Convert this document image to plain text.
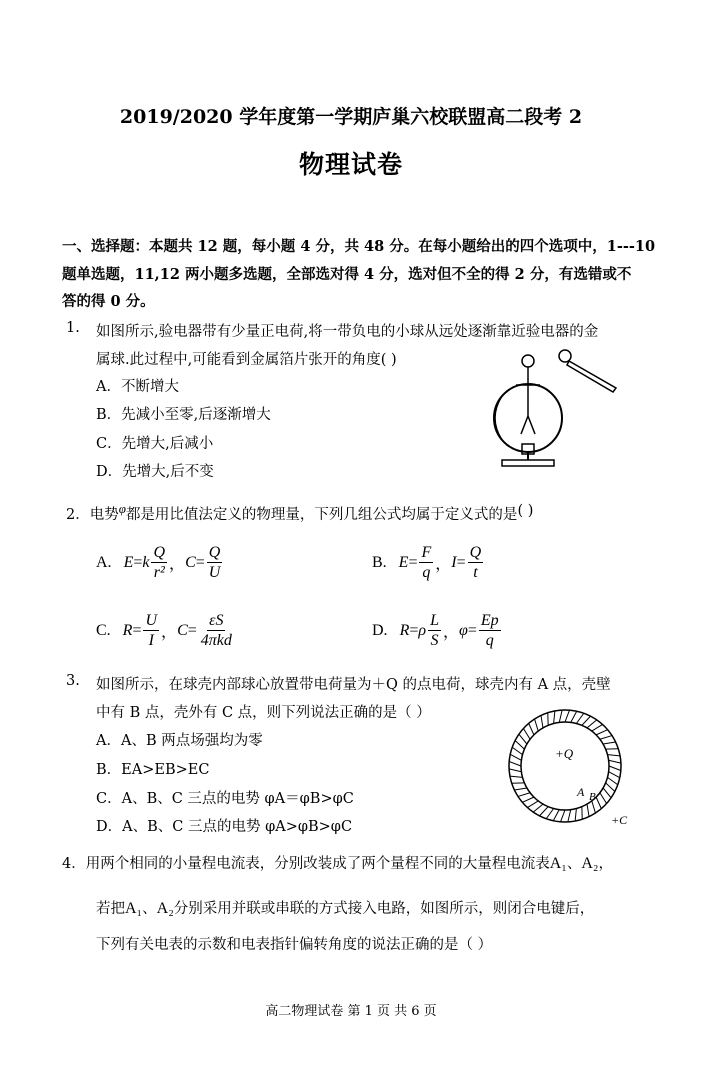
2019/2020 学年度第一学期庐巢六校联盟高二段考 2
物理试卷
一、选择题：本题共 12 题，每小题 4 分，共 48 分。在每小题给出的四个选项中，1---10
题单选题，11,12 两小题多选题，全部选对得 4 分，选对但不全的得 2 分，有选错或不
答的得 0 分。
1. 如图所示,验电器带有少量正电荷,将一带负电的小球从远处逐渐靠近验电器的金
属球.此过程中,可能看到金属箔片张开的角度( )
A．不断增大
B．先减小至零,后逐渐增大
C．先增大,后减小
D．先增大,后不变
2．电势$^\varphi$都是用比值法定义的物理量，下列几组公式均属于定义式的是( )
A. E = k $\frac{Q}{\text{r²}}$ ， $C = \frac{Q}{U}$	B. $E = \frac{F}{q}$ ， $I = \frac{Q}{t}$
C. $R = \frac{U}{I}$ ， $C = \frac{\varepsilon S}{\text{4πkd}}$	D. R = ρ $\frac{L}{S}$ ， $\varphi = \frac{Ep}{q}$
3. 如图所示，在球壳内部球心放置带电荷量为＋Q 的点电荷，球壳内有 A 点，壳壁
中有 B 点，壳外有 C 点，则下列说法正确的是（ ）
A．A、B 两点场强均为零
B．EA>EB>EC
C．A、B、C 三点的电势 φA＝φB>φC
D．A、B、C 三点的电势 φA>φB>φC
+Q
A B
+C
4．用两个相同的小量程电流表，分别改装成了两个量程不同的大量程电流表A₁、A₂，
若把A₁、A₂分别采用并联或串联的方式接入电路，如图所示，则闭合电键后，
下列有关电表的示数和电表指针偏转角度的说法正确的是（ ）
高二物理试卷 第 1 页 共 6 页
